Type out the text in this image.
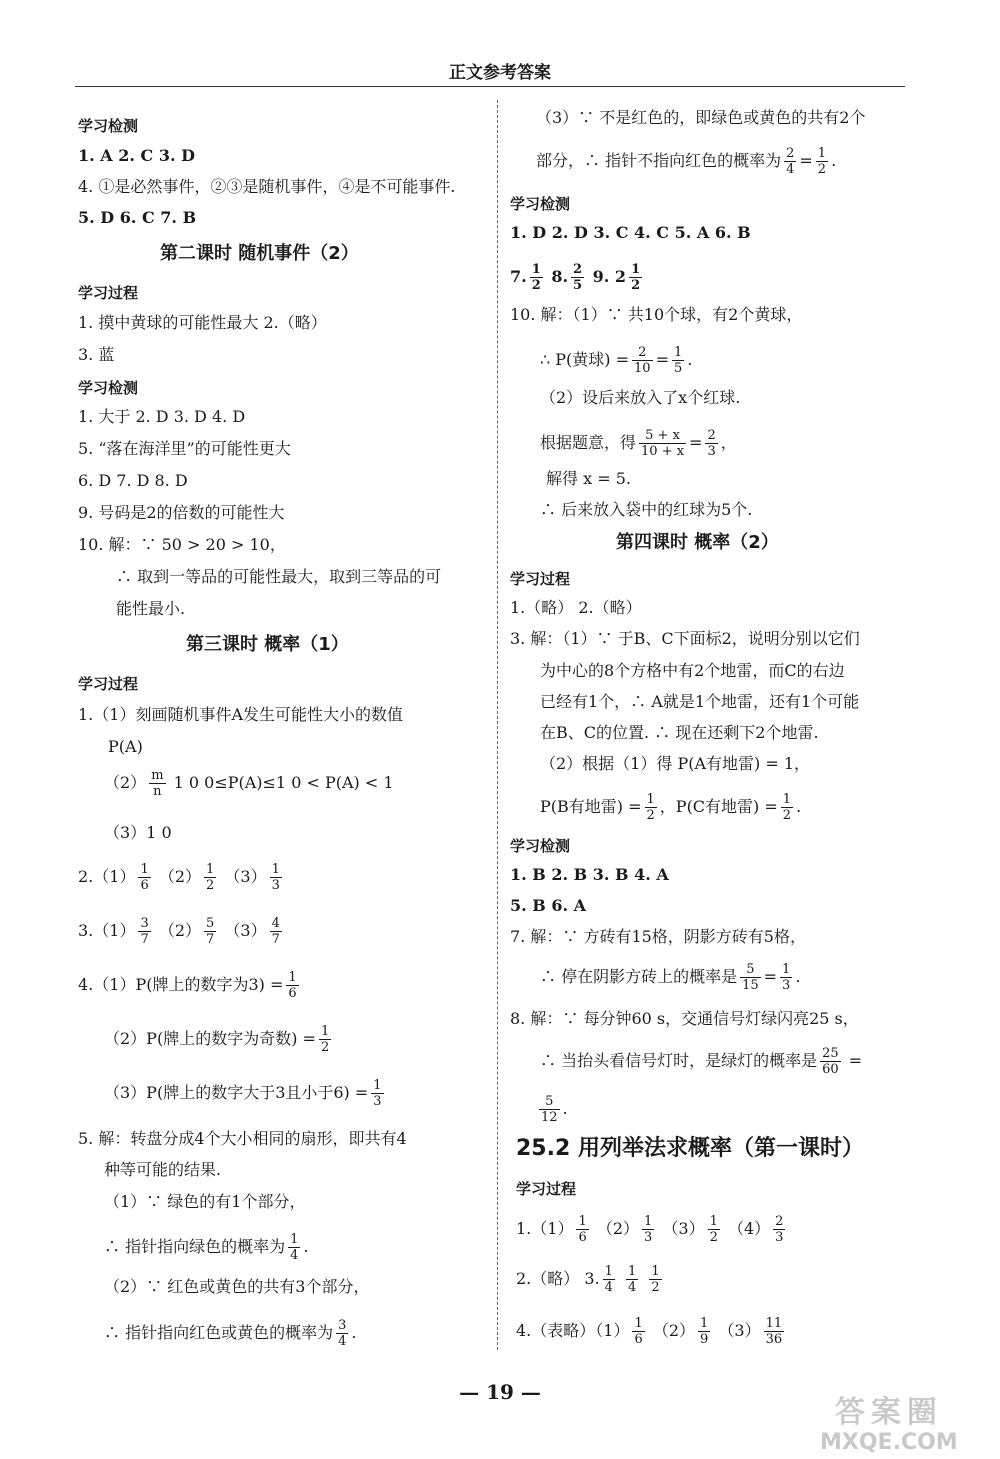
正文参考答案
学习检测
1. A 2. C 3. D
4. ①是必然事件，②③是随机事件，④是不可能事件.
5. D 6. C 7. B
第二课时 随机事件（2）
学习过程
1. 摸中黄球的可能性最大 2.（略）
3. 蓝
学习检测
1. 大于 2. D 3. D 4. D
5. “落在海洋里”的可能性更大
6. D 7. D 8. D
9. 号码是2的倍数的可能性大
10. 解：∵ 50 > 20 > 10，
∴ 取到一等品的可能性最大，取到三等品的可
能性最小.
第三课时 概率（1）
学习过程
1.（1）刻画随机事件A发生可能性大小的数值
P(A)
$(2) \frac{m}{n} 1$ 0 0≤P(A)≤1 0 < P(A) < 1
（3）1 0
$2.(1) \frac{1}{6} (2) \frac{1}{2} (3) \frac{1}{3}$
$3.(1) \frac{3}{7} (2) \frac{5}{7} (3) \frac{4}{7}$
4.（1）P(牌上的数字为$3) = \frac{1}{6}$
（2）P(牌上的数字为奇数) = $\frac{1}{2}$
（3）P(牌上的数字大于3且小于$6) = \frac{1}{3}$
5. 解：转盘分成4个大小相同的扇形，即共有4
种等可能的结果.
（1）∵ 绿色的有1个部分，
∴ 指针指向绿色的概率为 $\frac{1}{4}$ .
（2）∵ 红色或黄色的共有3个部分，
∴ 指针指向红色或黄色的概率为 $\frac{3}{4}$ .
（3）∵ 不是红色的，即绿色或黄色的共有2个
部分，∴ 指针不指向红色的概率为 $\frac{2}{4} = \frac{1}{2}$ .
学习检测
1. D 2. D 3. C 4. C 5. A 6. B
7. $\frac{1}{2} 8$. $\frac{2}{5} 9$. $2 \frac{1}{2}$
10. 解：（1）∵ 共10个球，有2个黄球，
∴ P(黄球) = $\frac{2}{10} = \frac{1}{5}$ .
（2）设后来放入了x个红球.
根据题意，得 $\frac{5 + x}{10 + x} = \frac{2}{3}$ ，
解得 x = 5.
∴ 后来放入袋中的红球为5个.
第四课时 概率（2）
学习过程
1.（略） 2.（略）
3. 解：（1）∵ 于B、C下面标2，说明分别以它们
为中心的8个方格中有2个地雷，而C的右边
已经有1个，∴ A就是1个地雷，还有1个可能
在B、C的位置. ∴ 现在还剩下2个地雷.
（2）根据（1）得 P(A有地雷) = 1，
P(B有地雷) = $\frac{1}{2}$ ，P(C有地雷) = $\frac{1}{2}$ .
学习检测
1. B 2. B 3. B 4. A
5. B 6. A
7. 解：∵ 方砖有15格，阴影方砖有5格，
∴ 停在阴影方砖上的概率是 $\frac{5}{15} = \frac{1}{3}$ .
8. 解：∵ 每分钟60 s，交通信号灯绿闪亮25 s，
∴ 当抬头看信号灯时，是绿灯的概率是 $\frac{25}{60}$ =
$\frac{5}{12}$ .
25.2 用列举法求概率（第一课时）
学习过程
$1.(1) \frac{1}{6} (2) \frac{1}{3} (3) \frac{1}{2} (4) \frac{2}{3}$
2.（略） 3. $\frac{1}{4}$
$\frac{1}{4}$
$\frac{1}{2}$
4.（表略）$(1) \frac{1}{6} (2) \frac{1}{9} (3) \frac{11}{36}$
— 19 —
答案圈
MXQE.COM
